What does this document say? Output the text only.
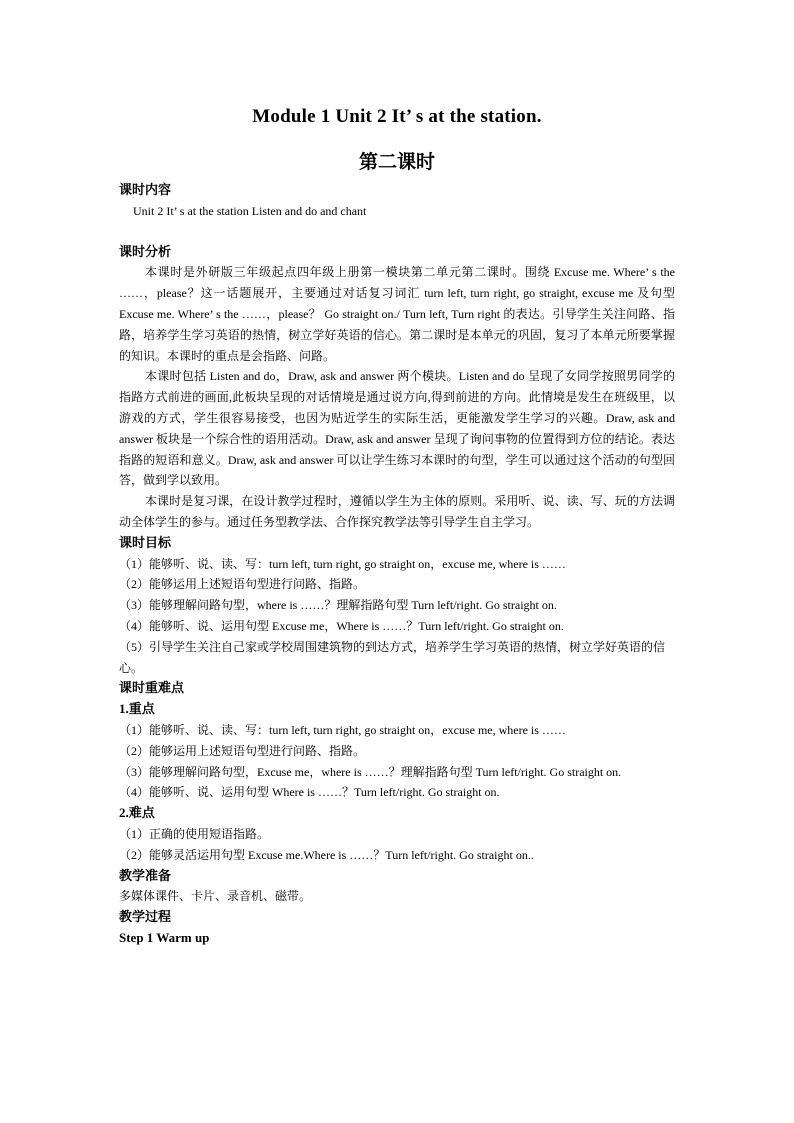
Module 1 Unit 2 It’ s at the station.
第二课时
课时内容
Unit 2 It’ s at the station Listen and do and chant
课时分析
本课时是外研版三年级起点四年级上册第一模块第二单元第二课时。围绕 Excuse me. Where’ s the ……，please？这一话题展开，主要通过对话复习词汇 turn left, turn right, go straight, excuse me 及句型 Excuse me. Where’ s the ……，please？ Go straight on./ Turn left, Turn right 的表达。引导学生关注问路、指路，培养学生学习英语的热情，树立学好英语的信心。第二课时是本单元的巩固，复习了本单元所要掌握的知识。本课时的重点是会指路、问路。
本课时包括 Listen and do，Draw, ask and answer 两个模块。Listen and do 呈现了女同学按照男同学的指路方式前进的画面,此板块呈现的对话情境是通过说方向,得到前进的方向。此情境是发生在班级里，以游戏的方式，学生很容易接受，也因为贴近学生的实际生活，更能激发学生学习的兴趣。Draw, ask and answer 板块是一个综合性的语用活动。Draw, ask and answer 呈现了询问事物的位置得到方位的结论。表达指路的短语和意义。Draw, ask and answer 可以让学生练习本课时的句型，学生可以通过这个活动的句型回答，做到学以致用。
本课时是复习课，在设计教学过程时，遵循以学生为主体的原则。采用听、说、读、写、玩的方法调动全体学生的参与。通过任务型教学法、合作探究教学法等引导学生自主学习。
课时目标
（1）能够听、说、读、写：turn left, turn right, go straight on，excuse me, where is ……
（2）能够运用上述短语句型进行问路、指路。
（3）能够理解问路句型，where is ……？理解指路句型 Turn left/right. Go straight on.
（4）能够听、说、运用句型 Excuse me，Where is ……？Turn left/right. Go straight on.
（5）引导学生关注自己家或学校周围建筑物的到达方式，培养学生学习英语的热情，树立学好英语的信心。
课时重难点
1.重点
（1）能够听、说、读、写：turn left, turn right, go straight on，excuse me, where is ……
（2）能够运用上述短语句型进行问路、指路。
（3）能够理解问路句型，Excuse me，where is ……？理解指路句型 Turn left/right. Go straight on.
（4）能够听、说、运用句型 Where is ……？Turn left/right. Go straight on.
2.难点
（1）正确的使用短语指路。
（2）能够灵活运用句型 Excuse me.Where is ……？Turn left/right. Go straight on..
教学准备
多媒体课件、卡片、录音机、磁带。
教学过程
Step 1 Warm up
